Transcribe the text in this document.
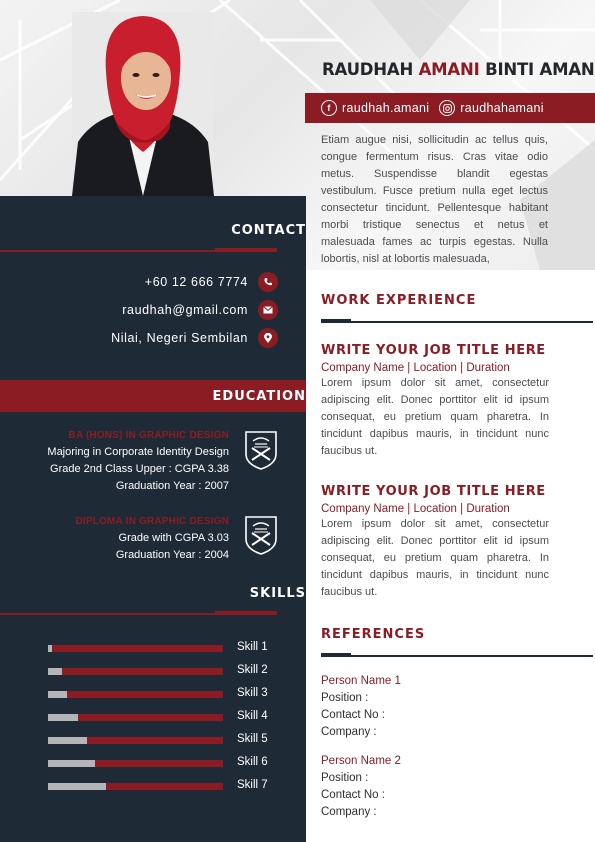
RAUDHAH AMANI BINTI AMAN
f raudhah.amani raudhahamani
Etiam augue nisi, sollicitudin ac tellus quis, congue fermentum risus. Cras vitae odio metus. Suspendisse blandit egestas vestibulum. Fusce pretium nulla eget lectus consectetur tincidunt. Pellentesque habitant morbi tristique senectus et netus et malesuada fames ac turpis egestas. Nulla lobortis, nisl at lobortis malesuada,
CONTACT
+60 12 666 7774
raudhah@gmail.com
Nilai, Negeri Sembilan
EDUCATION
BA (HONS) IN GRAPHIC DESIGN
Majoring in Corporate Identity Design
Grade 2nd Class Upper : CGPA 3.38
Graduation Year : 2007
DIPLOMA IN GRAPHIC DESIGN
Grade with CGPA 3.03
Graduation Year : 2004
SKILLS
Skill 1
Skill 2
Skill 3
Skill 4
Skill 5
Skill 6
Skill 7
WORK EXPERIENCE
WRITE YOUR JOB TITLE HERE
Company Name | Location | Duration
Lorem ipsum dolor sit amet, consectetur adipiscing elit. Donec porttitor elit id ipsum consequat, eu pretium quam pharetra. In tincidunt dapibus mauris, in tincidunt nunc faucibus ut.
WRITE YOUR JOB TITLE HERE
Company Name | Location | Duration
Lorem ipsum dolor sit amet, consectetur adipiscing elit. Donec porttitor elit id ipsum consequat, eu pretium quam pharetra. In tincidunt dapibus mauris, in tincidunt nunc faucibus ut.
REFERENCES
Person Name 1
Position :
Contact No :
Company :
Person Name 2
Position :
Contact No :
Company :
